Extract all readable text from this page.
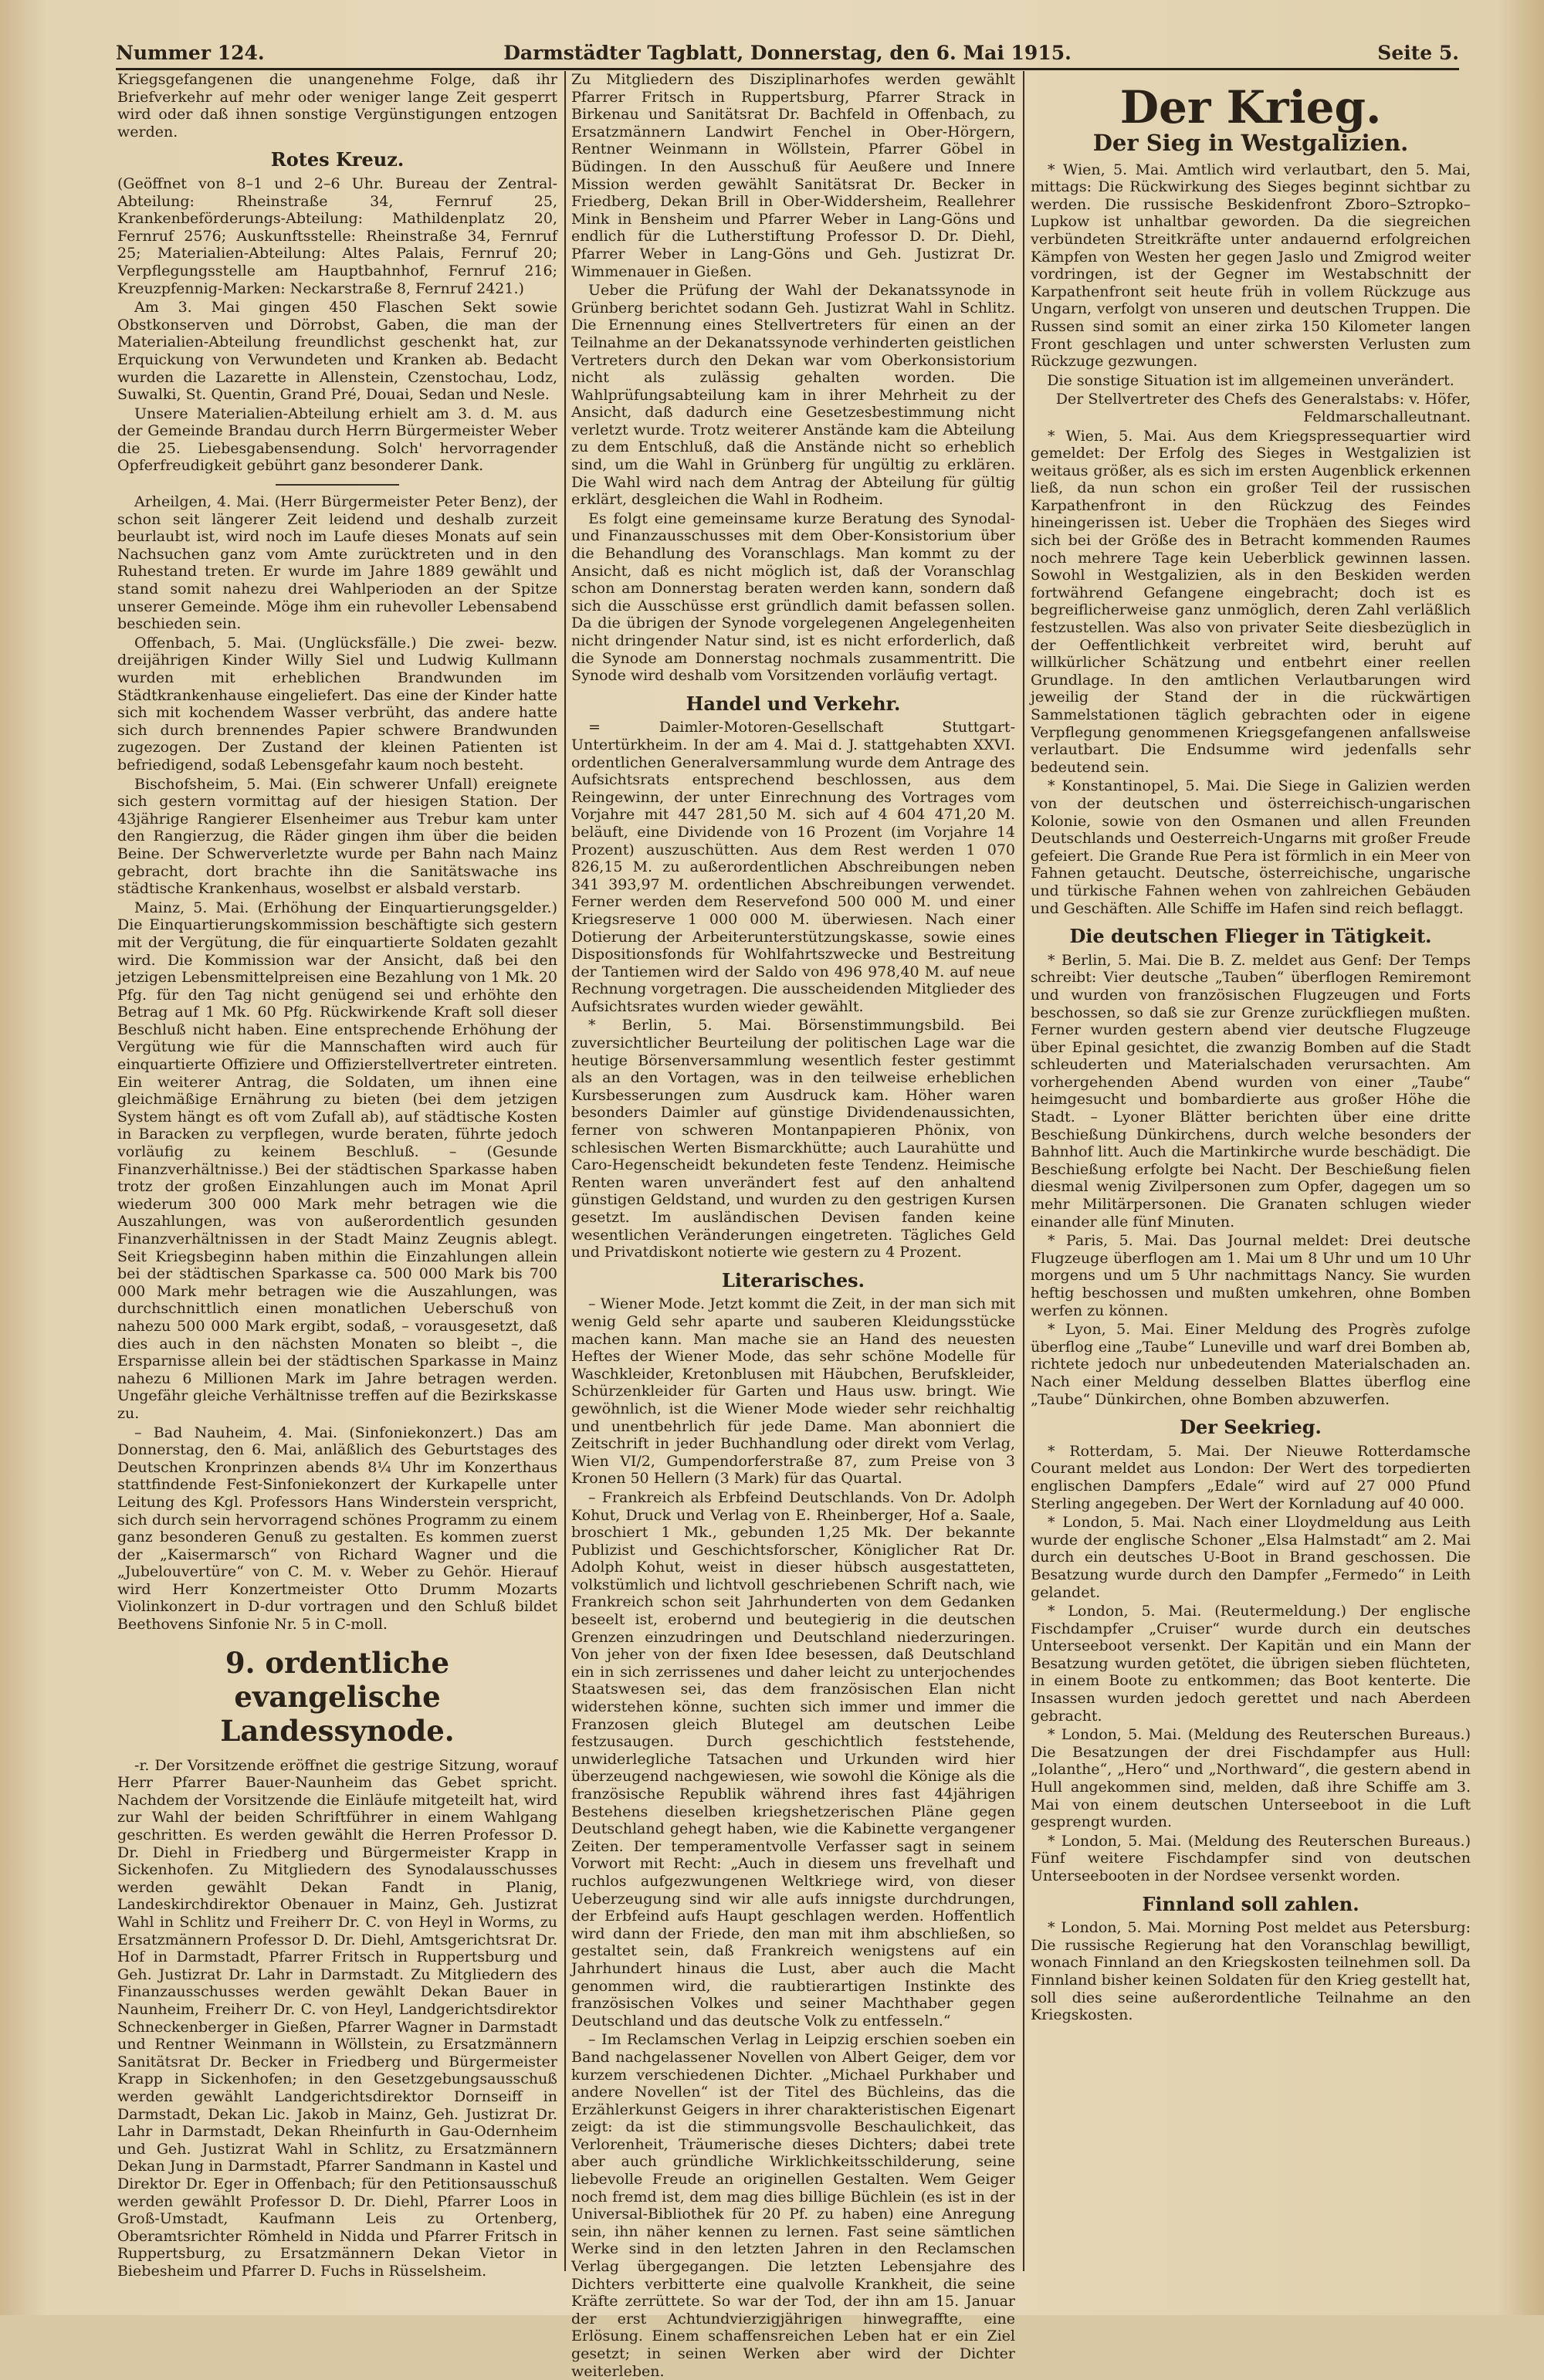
Nummer 124.	Darmstädter Tagblatt, Donnerstag, den 6. Mai 1915.	Seite 5.

Kriegsgefangenen die unangenehme Folge, daß ihr Briefverkehr auf mehr oder weniger lange Zeit gesperrt wird oder daß ihnen sonstige Vergünstigungen entzogen werden.

Rotes Kreuz.

(Geöffnet von 8–1 und 2–6 Uhr. Bureau der Zentral-Abteilung: Rheinstraße 34, Fernruf 25, Krankenbeförderungs-Abteilung: Mathildenplatz 20, Fernruf 2576; Auskunftsstelle: Rheinstraße 34, Fernruf 25; Materialien-Abteilung: Altes Palais, Fernruf 20; Verpflegungsstelle am Hauptbahnhof, Fernruf 216; Kreuzpfennig-Marken: Neckarstraße 8, Fernruf 2421.)

Am 3. Mai gingen 450 Flaschen Sekt sowie Obstkonserven und Dörrobst, Gaben, die man der Materialien-Abteilung freundlichst geschenkt hat, zur Erquickung von Verwundeten und Kranken ab. Bedacht wurden die Lazarette in Allenstein, Czenstochau, Lodz, Suwalki, St. Quentin, Grand Pré, Douai, Sedan und Nesle.

Unsere Materialien-Abteilung erhielt am 3. d. M. aus der Gemeinde Brandau durch Herrn Bürgermeister Weber die 25. Liebesgabensendung. Solch' hervorragender Opferfreudigkeit gebührt ganz besonderer Dank.

Arheilgen, 4. Mai. (Herr Bürgermeister Peter Benz), der schon seit längerer Zeit leidend und deshalb zurzeit beurlaubt ist, wird noch im Laufe dieses Monats auf sein Nachsuchen ganz vom Amte zurücktreten und in den Ruhestand treten. Er wurde im Jahre 1889 gewählt und stand somit nahezu drei Wahlperioden an der Spitze unserer Gemeinde. Möge ihm ein ruhevoller Lebensabend beschieden sein.

Offenbach, 5. Mai. (Unglücksfälle.) Die zwei- bezw. dreijährigen Kinder Willy Siel und Ludwig Kullmann wurden mit erheblichen Brandwunden im Städtkrankenhause eingeliefert. Das eine der Kinder hatte sich mit kochendem Wasser verbrüht, das andere hatte sich durch brennendes Papier schwere Brandwunden zugezogen. Der Zustand der kleinen Patienten ist befriedigend, sodaß Lebensgefahr kaum noch besteht.

Bischofsheim, 5. Mai. (Ein schwerer Unfall) ereignete sich gestern vormittag auf der hiesigen Station. Der 43jährige Rangierer Elsenheimer aus Trebur kam unter den Rangierzug, die Räder gingen ihm über die beiden Beine. Der Schwerverletzte wurde per Bahn nach Mainz gebracht, dort brachte ihn die Sanitätswache ins städtische Krankenhaus, woselbst er alsbald verstarb.

Mainz, 5. Mai. (Erhöhung der Einquartierungsgelder.) Die Einquartierungskommission beschäftigte sich gestern mit der Vergütung, die für einquartierte Soldaten gezahlt wird. Die Kommission war der Ansicht, daß bei den jetzigen Lebensmittelpreisen eine Bezahlung von 1 Mk. 20 Pfg. für den Tag nicht genügend sei und erhöhte den Betrag auf 1 Mk. 60 Pfg. Rückwirkende Kraft soll dieser Beschluß nicht haben. Eine entsprechende Erhöhung der Vergütung wie für die Mannschaften wird auch für einquartierte Offiziere und Offizierstellvertreter eintreten. Ein weiterer Antrag, die Soldaten, um ihnen eine gleichmäßige Ernährung zu bieten (bei dem jetzigen System hängt es oft vom Zufall ab), auf städtische Kosten in Baracken zu verpflegen, wurde beraten, führte jedoch vorläufig zu keinem Beschluß. – (Gesunde Finanzverhältnisse.) Bei der städtischen Sparkasse haben trotz der großen Einzahlungen auch im Monat April wiederum 300 000 Mark mehr betragen wie die Auszahlungen, was von außerordentlich gesunden Finanzverhältnissen in der Stadt Mainz Zeugnis ablegt. Seit Kriegsbeginn haben mithin die Einzahlungen allein bei der städtischen Sparkasse ca. 500 000 Mark bis 700 000 Mark mehr betragen wie die Auszahlungen, was durchschnittlich einen monatlichen Ueberschuß von nahezu 500 000 Mark ergibt, sodaß, – vorausgesetzt, daß dies auch in den nächsten Monaten so bleibt –, die Ersparnisse allein bei der städtischen Sparkasse in Mainz nahezu 6 Millionen Mark im Jahre betragen werden. Ungefähr gleiche Verhältnisse treffen auf die Bezirkskasse zu.

– Bad Nauheim, 4. Mai. (Sinfoniekonzert.) Das am Donnerstag, den 6. Mai, anläßlich des Geburtstages des Deutschen Kronprinzen abends 8¼ Uhr im Konzerthaus stattfindende Fest-Sinfoniekonzert der Kurkapelle unter Leitung des Kgl. Professors Hans Winderstein verspricht, sich durch sein hervorragend schönes Programm zu einem ganz besonderen Genuß zu gestalten. Es kommen zuerst der „Kaisermarsch“ von Richard Wagner und die „Jubelouvertüre“ von C. M. v. Weber zu Gehör. Hierauf wird Herr Konzertmeister Otto Drumm Mozarts Violinkonzert in D-dur vortragen und den Schluß bildet Beethovens Sinfonie Nr. 5 in C-moll.

9. ordentliche evangelische Landessynode.

-r. Der Vorsitzende eröffnet die gestrige Sitzung, worauf Herr Pfarrer Bauer-Naunheim das Gebet spricht. Nachdem der Vorsitzende die Einläufe mitgeteilt hat, wird zur Wahl der beiden Schriftführer in einem Wahlgang geschritten. Es werden gewählt die Herren Professor D. Dr. Diehl in Friedberg und Bürgermeister Krapp in Sickenhofen. Zu Mitgliedern des Synodalausschusses werden gewählt Dekan Fandt in Planig, Landeskirchdirektor Obenauer in Mainz, Geh. Justizrat Wahl in Schlitz und Freiherr Dr. C. von Heyl in Worms, zu Ersatzmännern Professor D. Dr. Diehl, Amtsgerichtsrat Dr. Hof in Darmstadt, Pfarrer Fritsch in Ruppertsburg und Geh. Justizrat Dr. Lahr in Darmstadt. Zu Mitgliedern des Finanzausschusses werden gewählt Dekan Bauer in Naunheim, Freiherr Dr. C. von Heyl, Landgerichtsdirektor Schneckenberger in Gießen, Pfarrer Wagner in Darmstadt und Rentner Weinmann in Wöllstein, zu Ersatzmännern Sanitätsrat Dr. Becker in Friedberg und Bürgermeister Krapp in Sickenhofen; in den Gesetzgebungsausschuß werden gewählt Landgerichtsdirektor Dornseiff in Darmstadt, Dekan Lic. Jakob in Mainz, Geh. Justizrat Dr. Lahr in Darmstadt, Dekan Rheinfurth in Gau-Odernheim und Geh. Justizrat Wahl in Schlitz, zu Ersatzmännern Dekan Jung in Darmstadt, Pfarrer Sandmann in Kastel und Direktor Dr. Eger in Offenbach; für den Petitionsausschuß werden gewählt Professor D. Dr. Diehl, Pfarrer Loos in Groß-Umstadt, Kaufmann Leis zu Ortenberg, Oberamtsrichter Römheld in Nidda und Pfarrer Fritsch in Ruppertsburg, zu Ersatzmännern Dekan Vietor in Biebesheim und Pfarrer D. Fuchs in Rüsselsheim.

Zu Mitgliedern des Disziplinarhofes werden gewählt Pfarrer Fritsch in Ruppertsburg, Pfarrer Strack in Birkenau und Sanitätsrat Dr. Bachfeld in Offenbach, zu Ersatzmännern Landwirt Fenchel in Ober-Hörgern, Rentner Weinmann in Wöllstein, Pfarrer Göbel in Büdingen. In den Ausschuß für Aeußere und Innere Mission werden gewählt Sanitätsrat Dr. Becker in Friedberg, Dekan Brill in Ober-Widdersheim, Reallehrer Mink in Bensheim und Pfarrer Weber in Lang-Göns und endlich für die Lutherstiftung Professor D. Dr. Diehl, Pfarrer Weber in Lang-Göns und Geh. Justizrat Dr. Wimmenauer in Gießen.

Ueber die Prüfung der Wahl der Dekanatssynode in Grünberg berichtet sodann Geh. Justizrat Wahl in Schlitz. Die Ernennung eines Stellvertreters für einen an der Teilnahme an der Dekanatssynode verhinderten geistlichen Vertreters durch den Dekan war vom Oberkonsistorium nicht als zulässig gehalten worden. Die Wahlprüfungsabteilung kam in ihrer Mehrheit zu der Ansicht, daß dadurch eine Gesetzesbestimmung nicht verletzt wurde. Trotz weiterer Anstände kam die Abteilung zu dem Entschluß, daß die Anstände nicht so erheblich sind, um die Wahl in Grünberg für ungültig zu erklären. Die Wahl wird nach dem Antrag der Abteilung für gültig erklärt, desgleichen die Wahl in Rodheim.

Es folgt eine gemeinsame kurze Beratung des Synodal- und Finanzausschusses mit dem Ober-Konsistorium über die Behandlung des Voranschlags. Man kommt zu der Ansicht, daß es nicht möglich ist, daß der Voranschlag schon am Donnerstag beraten werden kann, sondern daß sich die Ausschüsse erst gründlich damit befassen sollen. Da die übrigen der Synode vorgelegenen Angelegenheiten nicht dringender Natur sind, ist es nicht erforderlich, daß die Synode am Donnerstag nochmals zusammentritt. Die Synode wird deshalb vom Vorsitzenden vorläufig vertagt.

Handel und Verkehr.

= Daimler-Motoren-Gesellschaft Stuttgart-Untertürkheim. In der am 4. Mai d. J. stattgehabten XXVI. ordentlichen Generalversammlung wurde dem Antrage des Aufsichtsrats entsprechend beschlossen, aus dem Reingewinn, der unter Einrechnung des Vortrages vom Vorjahre mit 447 281,50 M. sich auf 4 604 471,20 M. beläuft, eine Dividende von 16 Prozent (im Vorjahre 14 Prozent) auszuschütten. Aus dem Rest werden 1 070 826,15 M. zu außerordentlichen Abschreibungen neben 341 393,97 M. ordentlichen Abschreibungen verwendet. Ferner werden dem Reservefond 500 000 M. und einer Kriegsreserve 1 000 000 M. überwiesen. Nach einer Dotierung der Arbeiterunterstützungskasse, sowie eines Dispositionsfonds für Wohlfahrtszwecke und Bestreitung der Tantiemen wird der Saldo von 496 978,40 M. auf neue Rechnung vorgetragen. Die ausscheidenden Mitglieder des Aufsichtsrates wurden wieder gewählt.

* Berlin, 5. Mai. Börsenstimmungsbild. Bei zuversichtlicher Beurteilung der politischen Lage war die heutige Börsenversammlung wesentlich fester gestimmt als an den Vortagen, was in den teilweise erheblichen Kursbesserungen zum Ausdruck kam. Höher waren besonders Daimler auf günstige Dividendenaussichten, ferner von schweren Montanpapieren Phönix, von schlesischen Werten Bismarckhütte; auch Laurahütte und Caro-Hegenscheidt bekundeten feste Tendenz. Heimische Renten waren unverändert fest auf den anhaltend günstigen Geldstand, und wurden zu den gestrigen Kursen gesetzt. Im ausländischen Devisen fanden keine wesentlichen Veränderungen eingetreten. Tägliches Geld und Privatdiskont notierte wie gestern zu 4 Prozent.

Literarisches.

– Wiener Mode. Jetzt kommt die Zeit, in der man sich mit wenig Geld sehr aparte und sauberen Kleidungsstücke machen kann. Man mache sie an Hand des neuesten Heftes der Wiener Mode, das sehr schöne Modelle für Waschkleider, Kretonblusen mit Häubchen, Berufskleider, Schürzenkleider für Garten und Haus usw. bringt. Wie gewöhnlich, ist die Wiener Mode wieder sehr reichhaltig und unentbehrlich für jede Dame. Man abonniert die Zeitschrift in jeder Buchhandlung oder direkt vom Verlag, Wien VI/2, Gumpendorferstraße 87, zum Preise von 3 Kronen 50 Hellern (3 Mark) für das Quartal.

– Frankreich als Erbfeind Deutschlands. Von Dr. Adolph Kohut, Druck und Verlag von E. Rheinberger, Hof a. Saale, broschiert 1 Mk., gebunden 1,25 Mk. Der bekannte Publizist und Geschichtsforscher, Königlicher Rat Dr. Adolph Kohut, weist in dieser hübsch ausgestatteten, volkstümlich und lichtvoll geschriebenen Schrift nach, wie Frankreich schon seit Jahrhunderten von dem Gedanken beseelt ist, erobernd und beutegierig in die deutschen Grenzen einzudringen und Deutschland niederzuringen. Von jeher von der fixen Idee besessen, daß Deutschland ein in sich zerrissenes und daher leicht zu unterjochendes Staatswesen sei, das dem französischen Elan nicht widerstehen könne, suchten sich immer und immer die Franzosen gleich Blutegel am deutschen Leibe festzusaugen. Durch geschichtlich feststehende, unwiderlegliche Tatsachen und Urkunden wird hier überzeugend nachgewiesen, wie sowohl die Könige als die französische Republik während ihres fast 44jährigen Bestehens dieselben kriegshetzerischen Pläne gegen Deutschland gehegt haben, wie die Kabinette vergangener Zeiten. Der temperamentvolle Verfasser sagt in seinem Vorwort mit Recht: „Auch in diesem uns frevelhaft und ruchlos aufgezwungenen Weltkriege wird, von dieser Ueberzeugung sind wir alle aufs innigste durchdrungen, der Erbfeind aufs Haupt geschlagen werden. Hoffentlich wird dann der Friede, den man mit ihm abschließen, so gestaltet sein, daß Frankreich wenigstens auf ein Jahrhundert hinaus die Lust, aber auch die Macht genommen wird, die raubtierartigen Instinkte des französischen Volkes und seiner Machthaber gegen Deutschland und das deutsche Volk zu entfesseln.“

– Im Reclamschen Verlag in Leipzig erschien soeben ein Band nachgelassener Novellen von Albert Geiger, dem vor kurzem verschiedenen Dichter. „Michael Purkhaber und andere Novellen“ ist der Titel des Büchleins, das die Erzählerkunst Geigers in ihrer charakteristischen Eigenart zeigt: da ist die stimmungsvolle Beschaulichkeit, das Verlorenheit, Träumerische dieses Dichters; dabei trete aber auch gründliche Wirklichkeitsschilderung, seine liebevolle Freude an originellen Gestalten. Wem Geiger noch fremd ist, dem mag dies billige Büchlein (es ist in der Universal-Bibliothek für 20 Pf. zu haben) eine Anregung sein, ihn näher kennen zu lernen. Fast seine sämtlichen Werke sind in den letzten Jahren in den Reclamschen Verlag übergegangen. Die letzten Lebensjahre des Dichters verbitterte eine qualvolle Krankheit, die seine Kräfte zerrüttete. So war der Tod, der ihn am 15. Januar der erst Achtundvierzigjährigen hinwegraffte, eine Erlösung. Einem schaffensreichen Leben hat er ein Ziel gesetzt; in seinen Werken aber wird der Dichter weiterleben.

Der Krieg.
Der Sieg in Westgalizien.

* Wien, 5. Mai. Amtlich wird verlautbart, den 5. Mai, mittags: Die Rückwirkung des Sieges beginnt sichtbar zu werden. Die russische Beskidenfront Zboro–Sztropko–Lupkow ist unhaltbar geworden. Da die siegreichen verbündeten Streitkräfte unter andauernd erfolgreichen Kämpfen von Westen her gegen Jaslo und Zmigrod weiter vordringen, ist der Gegner im Westabschnitt der Karpathenfront seit heute früh in vollem Rückzuge aus Ungarn, verfolgt von unseren und deutschen Truppen. Die Russen sind somit an einer zirka 150 Kilometer langen Front geschlagen und unter schwersten Verlusten zum Rückzuge gezwungen.

Die sonstige Situation ist im allgemeinen unverändert.

Der Stellvertreter des Chefs des Generalstabs: v. Höfer, Feldmarschalleutnant.

* Wien, 5. Mai. Aus dem Kriegspressequartier wird gemeldet: Der Erfolg des Sieges in Westgalizien ist weitaus größer, als es sich im ersten Augenblick erkennen ließ, da nun schon ein großer Teil der russischen Karpathenfront in den Rückzug des Feindes hineingerissen ist. Ueber die Trophäen des Sieges wird sich bei der Größe des in Betracht kommenden Raumes noch mehrere Tage kein Ueberblick gewinnen lassen. Sowohl in Westgalizien, als in den Beskiden werden fortwährend Gefangene eingebracht; doch ist es begreiflicherweise ganz unmöglich, deren Zahl verläßlich festzustellen. Was also von privater Seite diesbezüglich in der Oeffentlichkeit verbreitet wird, beruht auf willkürlicher Schätzung und entbehrt einer reellen Grundlage. In den amtlichen Verlautbarungen wird jeweilig der Stand der in die rückwärtigen Sammelstationen täglich gebrachten oder in eigene Verpflegung genommenen Kriegsgefangenen anfallsweise verlautbart. Die Endsumme wird jedenfalls sehr bedeutend sein.

* Konstantinopel, 5. Mai. Die Siege in Galizien werden von der deutschen und österreichisch-ungarischen Kolonie, sowie von den Osmanen und allen Freunden Deutschlands und Oesterreich-Ungarns mit großer Freude gefeiert. Die Grande Rue Pera ist förmlich in ein Meer von Fahnen getaucht. Deutsche, österreichische, ungarische und türkische Fahnen wehen von zahlreichen Gebäuden und Geschäften. Alle Schiffe im Hafen sind reich beflaggt.

Die deutschen Flieger in Tätigkeit.

* Berlin, 5. Mai. Die B. Z. meldet aus Genf: Der Temps schreibt: Vier deutsche „Tauben“ überflogen Remiremont und wurden von französischen Flugzeugen und Forts beschossen, so daß sie zur Grenze zurückfliegen mußten. Ferner wurden gestern abend vier deutsche Flugzeuge über Epinal gesichtet, die zwanzig Bomben auf die Stadt schleuderten und Materialschaden verursachten. Am vorhergehenden Abend wurden von einer „Taube“ heimgesucht und bombardierte aus großer Höhe die Stadt. – Lyoner Blätter berichten über eine dritte Beschießung Dünkirchens, durch welche besonders der Bahnhof litt. Auch die Martinkirche wurde beschädigt. Die Beschießung erfolgte bei Nacht. Der Beschießung fielen diesmal wenig Zivilpersonen zum Opfer, dagegen um so mehr Militärpersonen. Die Granaten schlugen wieder einander alle fünf Minuten.

* Paris, 5. Mai. Das Journal meldet: Drei deutsche Flugzeuge überflogen am 1. Mai um 8 Uhr und um 10 Uhr morgens und um 5 Uhr nachmittags Nancy. Sie wurden heftig beschossen und mußten umkehren, ohne Bomben werfen zu können.

* Lyon, 5. Mai. Einer Meldung des Progrès zufolge überflog eine „Taube“ Luneville und warf drei Bomben ab, richtete jedoch nur unbedeutenden Materialschaden an. Nach einer Meldung desselben Blattes überflog eine „Taube“ Dünkirchen, ohne Bomben abzuwerfen.

Der Seekrieg.

* Rotterdam, 5. Mai. Der Nieuwe Rotterdamsche Courant meldet aus London: Der Wert des torpedierten englischen Dampfers „Edale“ wird auf 27 000 Pfund Sterling angegeben. Der Wert der Kornladung auf 40 000.

* London, 5. Mai. Nach einer Lloydmeldung aus Leith wurde der englische Schoner „Elsa Halmstadt“ am 2. Mai durch ein deutsches U-Boot in Brand geschossen. Die Besatzung wurde durch den Dampfer „Fermedo“ in Leith gelandet.

* London, 5. Mai. (Reutermeldung.) Der englische Fischdampfer „Cruiser“ wurde durch ein deutsches Unterseeboot versenkt. Der Kapitän und ein Mann der Besatzung wurden getötet, die übrigen sieben flüchteten, in einem Boote zu entkommen; das Boot kenterte. Die Insassen wurden jedoch gerettet und nach Aberdeen gebracht.

* London, 5. Mai. (Meldung des Reuterschen Bureaus.) Die Besatzungen der drei Fischdampfer aus Hull: „Iolanthe“, „Hero“ und „Northward“, die gestern abend in Hull angekommen sind, melden, daß ihre Schiffe am 3. Mai von einem deutschen Unterseeboot in die Luft gesprengt wurden.

* London, 5. Mai. (Meldung des Reuterschen Bureaus.) Fünf weitere Fischdampfer sind von deutschen Unterseebooten in der Nordsee versenkt worden.

Finnland soll zahlen.

* London, 5. Mai. Morning Post meldet aus Petersburg: Die russische Regierung hat den Voranschlag bewilligt, wonach Finnland an den Kriegskosten teilnehmen soll. Da Finnland bisher keinen Soldaten für den Krieg gestellt hat, soll dies seine außerordentliche Teilnahme an den Kriegskosten.
